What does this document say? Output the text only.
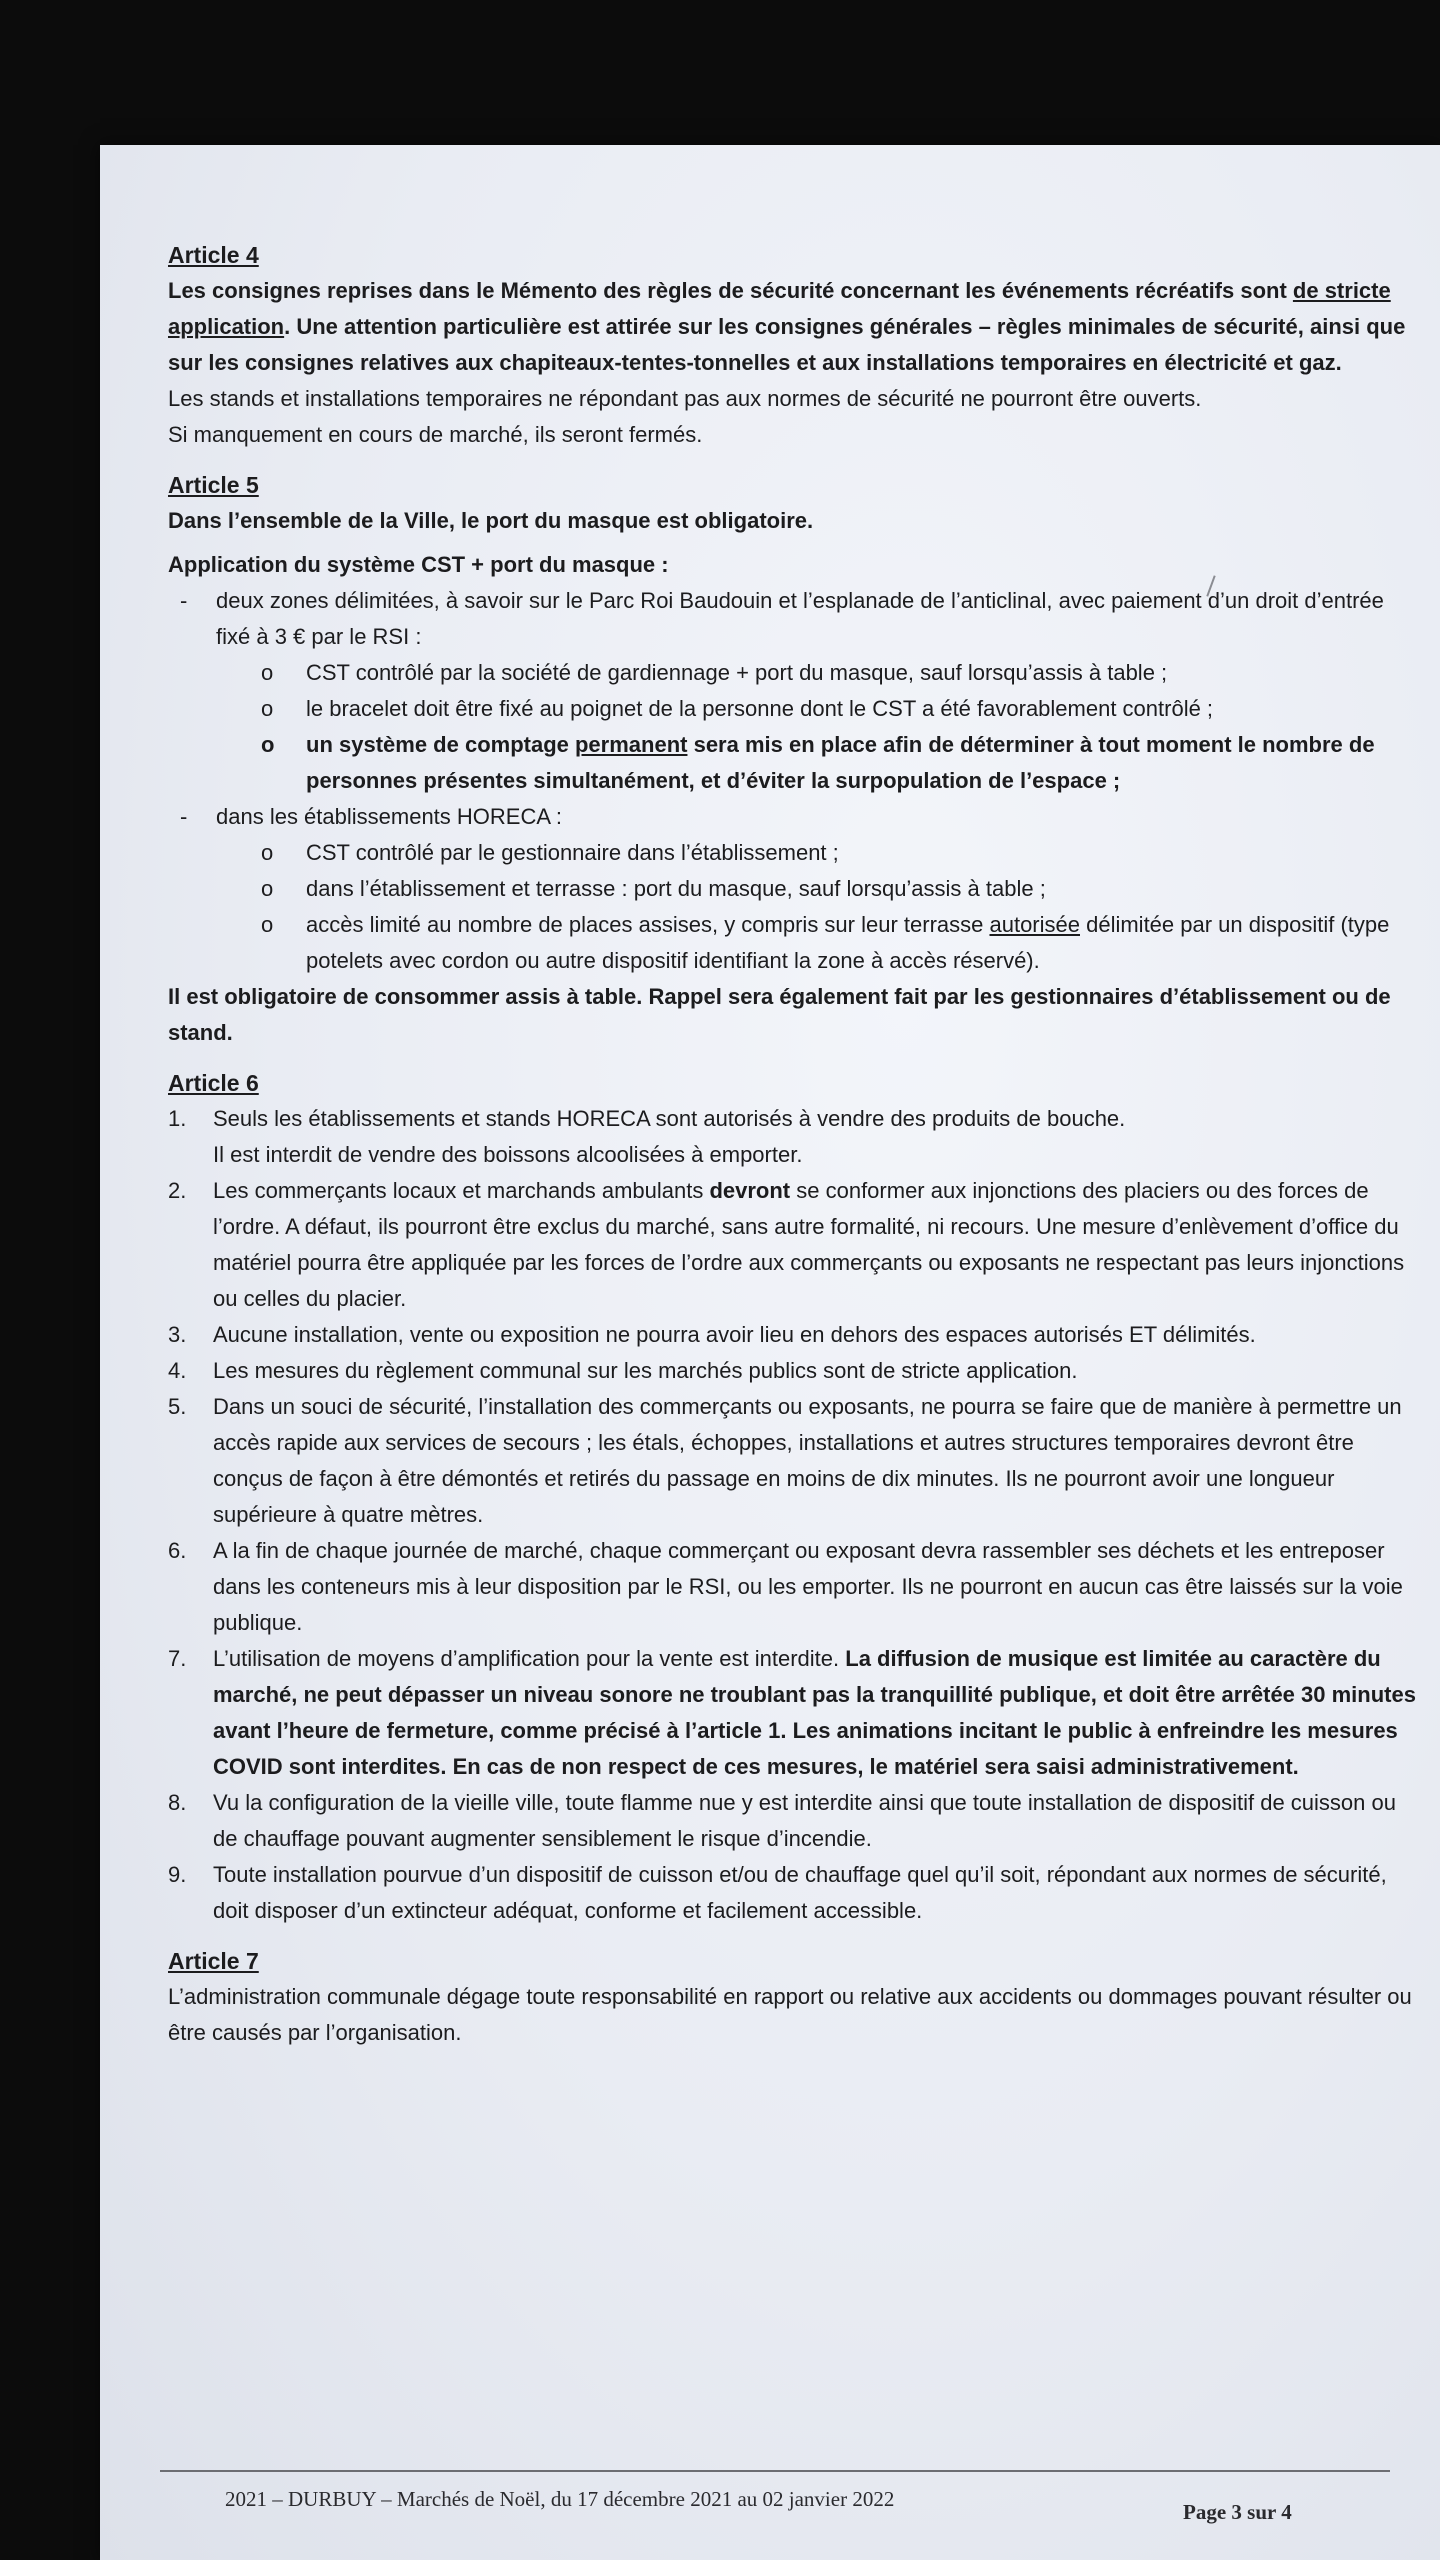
Article 4

Les consignes reprises dans le Mémento des règles de sécurité concernant les événements récréatifs sont de stricte application. Une attention particulière est attirée sur les consignes générales – règles minimales de sécurité, ainsi que sur les consignes relatives aux chapiteaux-tentes-tonnelles et aux installations temporaires en électricité et gaz.

Les stands et installations temporaires ne répondant pas aux normes de sécurité ne pourront être ouverts.

Si manquement en cours de marché, ils seront fermés.

Article 5

Dans l’ensemble de la Ville, le port du masque est obligatoire.

Application du système CST + port du masque :

- deux zones délimitées, à savoir sur le Parc Roi Baudouin et l’esplanade de l’anticlinal, avec paiement d’un droit d’entrée fixé à 3 € par le RSI :
o CST contrôlé par la société de gardiennage + port du masque, sauf lorsqu’assis à table ;
o le bracelet doit être fixé au poignet de la personne dont le CST a été favorablement contrôlé ;
o un système de comptage permanent sera mis en place afin de déterminer à tout moment le nombre de personnes présentes simultanément, et d’éviter la surpopulation de l’espace ;
- dans les établissements HORECA :
o CST contrôlé par le gestionnaire dans l’établissement ;
o dans l’établissement et terrasse : port du masque, sauf lorsqu’assis à table ;
o accès limité au nombre de places assises, y compris sur leur terrasse autorisée délimitée par un dispositif (type potelets avec cordon ou autre dispositif identifiant la zone à accès réservé).

Il est obligatoire de consommer assis à table. Rappel sera également fait par les gestionnaires d’établissement ou de stand.

Article 6

1. Seuls les établissements et stands HORECA sont autorisés à vendre des produits de bouche.
Il est interdit de vendre des boissons alcoolisées à emporter.
2. Les commerçants locaux et marchands ambulants devront se conformer aux injonctions des placiers ou des forces de l’ordre. A défaut, ils pourront être exclus du marché, sans autre formalité, ni recours. Une mesure d’enlèvement d’office du matériel pourra être appliquée par les forces de l’ordre aux commerçants ou exposants ne respectant pas leurs injonctions ou celles du placier.
3. Aucune installation, vente ou exposition ne pourra avoir lieu en dehors des espaces autorisés ET délimités.
4. Les mesures du règlement communal sur les marchés publics sont de stricte application.
5. Dans un souci de sécurité, l’installation des commerçants ou exposants, ne pourra se faire que de manière à permettre un accès rapide aux services de secours ; les étals, échoppes, installations et autres structures temporaires devront être conçus de façon à être démontés et retirés du passage en moins de dix minutes. Ils ne pourront avoir une longueur supérieure à quatre mètres.
6. A la fin de chaque journée de marché, chaque commerçant ou exposant devra rassembler ses déchets et les entreposer dans les conteneurs mis à leur disposition par le RSI, ou les emporter. Ils ne pourront en aucun cas être laissés sur la voie publique.
7. L’utilisation de moyens d’amplification pour la vente est interdite. La diffusion de musique est limitée au caractère du marché, ne peut dépasser un niveau sonore ne troublant pas la tranquillité publique, et doit être arrêtée 30 minutes avant l’heure de fermeture, comme précisé à l’article 1. Les animations incitant le public à enfreindre les mesures COVID sont interdites. En cas de non respect de ces mesures, le matériel sera saisi administrativement.
8. Vu la configuration de la vieille ville, toute flamme nue y est interdite ainsi que toute installation de dispositif de cuisson ou de chauffage pouvant augmenter sensiblement le risque d’incendie.
9. Toute installation pourvue d’un dispositif de cuisson et/ou de chauffage quel qu’il soit, répondant aux normes de sécurité, doit disposer d’un extincteur adéquat, conforme et facilement accessible.

Article 7

L’administration communale dégage toute responsabilité en rapport ou relative aux accidents ou dommages pouvant résulter ou être causés par l’organisation.

2021 – DURBUY – Marchés de Noël, du 17 décembre 2021 au 02 janvier 2022
Page 3 sur 4
